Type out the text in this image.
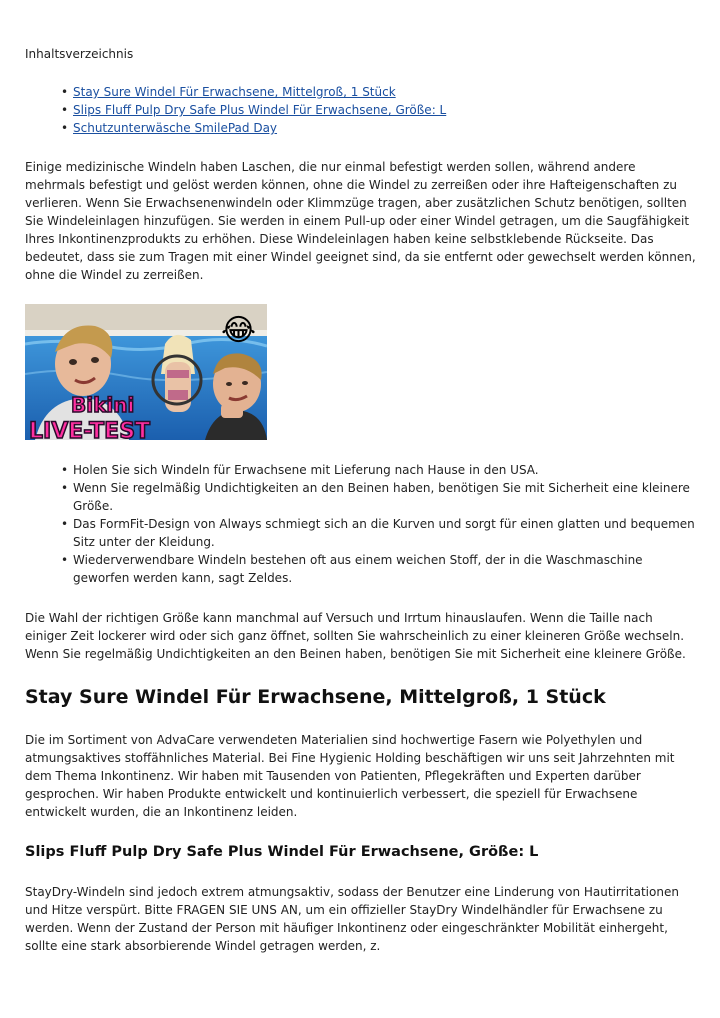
Inhaltsverzeichnis

• Stay Sure Windel Für Erwachsene, Mittelgroß, 1 Stück
• Slips Fluff Pulp Dry Safe Plus Windel Für Erwachsene, Größe: L
• Schutzunterwäsche SmilePad Day

Einige medizinische Windeln haben Laschen, die nur einmal befestigt werden sollen, während andere mehrmals befestigt und gelöst werden können, ohne die Windel zu zerreißen oder ihre Hafteigenschaften zu verlieren. Wenn Sie Erwachsenenwindeln oder Klimmzüge tragen, aber zusätzlichen Schutz benötigen, sollten Sie Windeleinlagen hinzufügen. Sie werden in einem Pull-up oder einer Windel getragen, um die Saugfähigkeit Ihres Inkontinenzprodukts zu erhöhen. Diese Windeleinlagen haben keine selbstklebende Rückseite. Das bedeutet, dass sie zum Tragen mit einer Windel geeignet sind, da sie entfernt oder gewechselt werden können, ohne die Windel zu zerreißen.

Bikini
LIVE-TEST
😂
• Holen Sie sich Windeln für Erwachsene mit Lieferung nach Hause in den USA.
• Wenn Sie regelmäßig Undichtigkeiten an den Beinen haben, benötigen Sie mit Sicherheit eine kleinere Größe.
• Das FormFit-Design von Always schmiegt sich an die Kurven und sorgt für einen glatten und bequemen Sitz unter der Kleidung.
• Wiederverwendbare Windeln bestehen oft aus einem weichen Stoff, der in die Waschmaschine geworfen werden kann, sagt Zeldes.

Die Wahl der richtigen Größe kann manchmal auf Versuch und Irrtum hinauslaufen. Wenn die Taille nach einiger Zeit lockerer wird oder sich ganz öffnet, sollten Sie wahrscheinlich zu einer kleineren Größe wechseln. Wenn Sie regelmäßig Undichtigkeiten an den Beinen haben, benötigen Sie mit Sicherheit eine kleinere Größe.

Stay Sure Windel Für Erwachsene, Mittelgroß, 1 Stück

Die im Sortiment von AdvaCare verwendeten Materialien sind hochwertige Fasern wie Polyethylen und atmungsaktives stoffähnliches Material. Bei Fine Hygienic Holding beschäftigen wir uns seit Jahrzehnten mit dem Thema Inkontinenz. Wir haben mit Tausenden von Patienten, Pflegekräften und Experten darüber gesprochen. Wir haben Produkte entwickelt und kontinuierlich verbessert, die speziell für Erwachsene entwickelt wurden, die an Inkontinenz leiden.

Slips Fluff Pulp Dry Safe Plus Windel Für Erwachsene, Größe: L

StayDry-Windeln sind jedoch extrem atmungsaktiv, sodass der Benutzer eine Linderung von Hautirritationen und Hitze verspürt. Bitte FRAGEN SIE UNS AN, um ein offizieller StayDry Windelhändler für Erwachsene zu werden. Wenn der Zustand der Person mit häufiger Inkontinenz oder eingeschränkter Mobilität einhergeht, sollte eine stark absorbierende Windel getragen werden, z.
